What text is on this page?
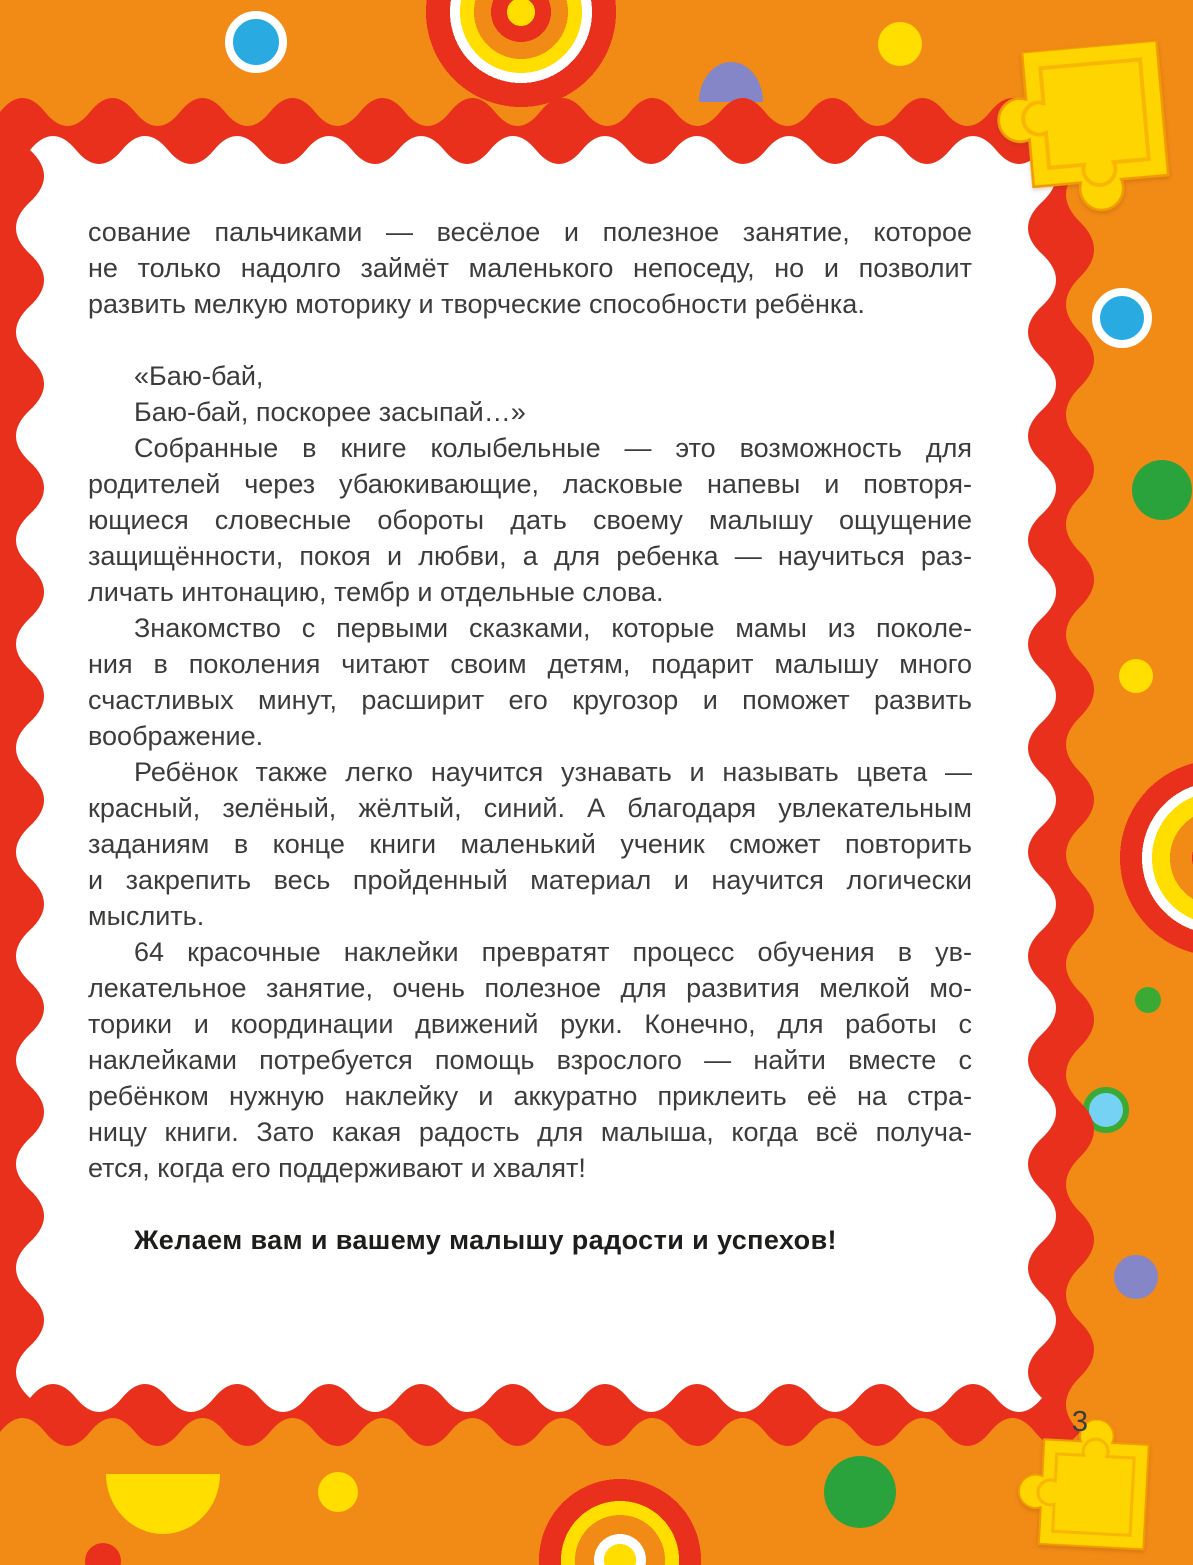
сование пальчиками — весёлое и полезное занятие, которое
не только надолго займёт маленького непоседу, но и позволит
развить мелкую моторику и творческие способности ребёнка.
«Баю-бай,
Баю-бай, поскорее засыпай…»
Собранные в книге колыбельные — это возможность для
родителей через убаюкивающие, ласковые напевы и повторя-
ющиеся словесные обороты дать своему малышу ощущение
защищённости, покоя и любви, а для ребенка — научиться раз-
личать интонацию, тембр и отдельные слова.
Знакомство с первыми сказками, которые мамы из поколе-
ния в поколения читают своим детям, подарит малышу много
счастливых минут, расширит его кругозор и поможет развить
воображение.
Ребёнок также легко научится узнавать и называть цвета —
красный, зелёный, жёлтый, синий. А благодаря увлекательным
заданиям в конце книги маленький ученик сможет повторить
и закрепить весь пройденный материал и научится логически
мыслить.
64 красочные наклейки превратят процесс обучения в ув-
лекательное занятие, очень полезное для развития мелкой мо-
торики и координации движений руки. Конечно, для работы с
наклейками потребуется помощь взрослого — найти вместе с
ребёнком нужную наклейку и аккуратно приклеить её на стра-
ницу книги. Зато какая радость для малыша, когда всё получа-
ется, когда его поддерживают и хвалят!
Желаем вам и вашему малышу радости и успехов!
3
